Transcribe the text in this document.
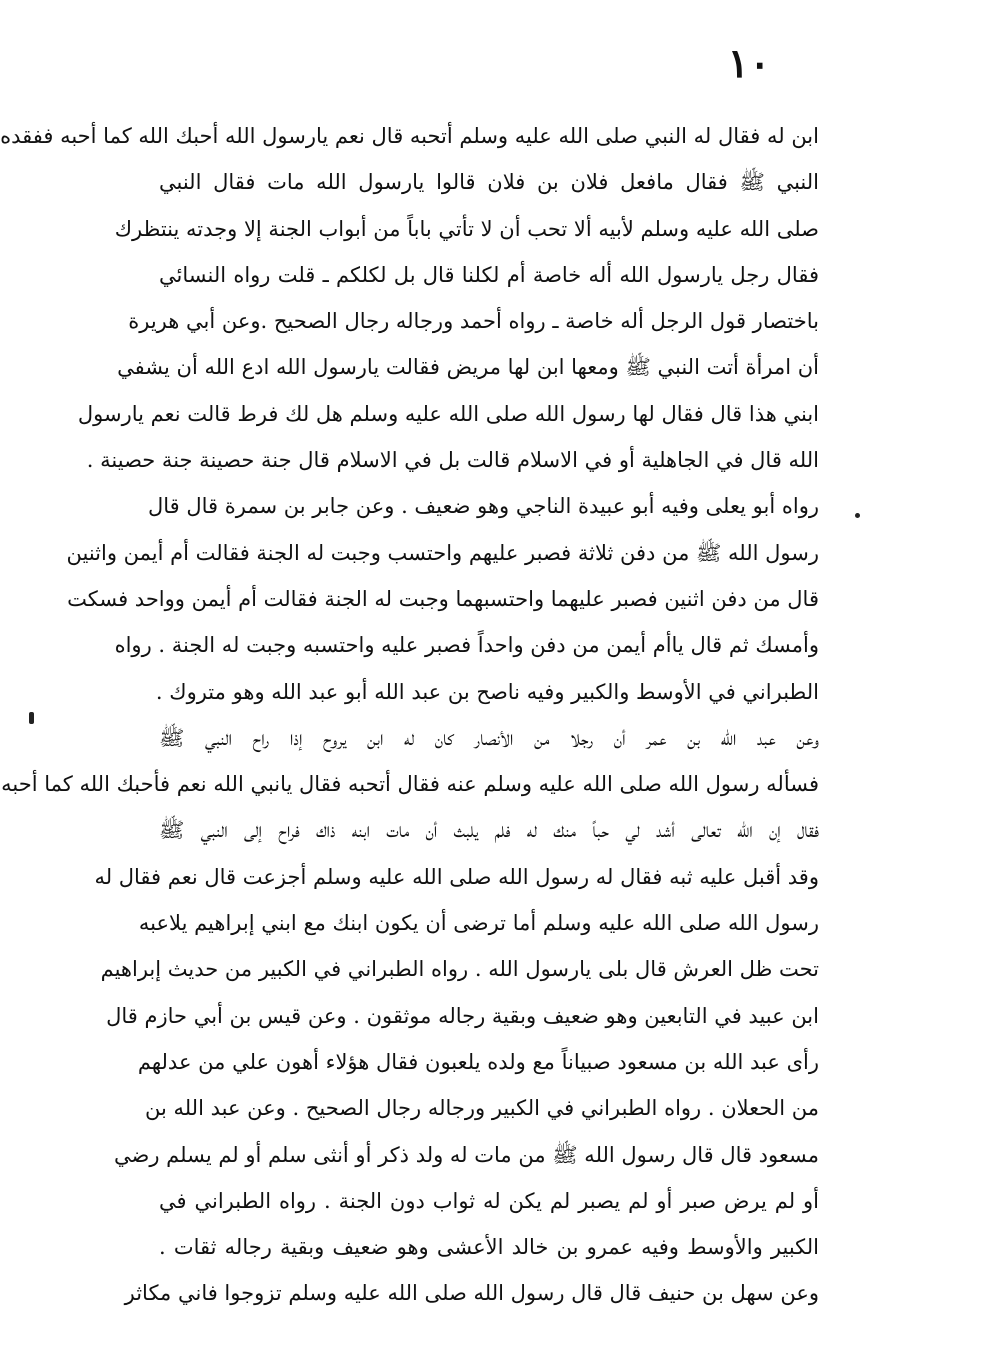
١٠
ابن له فقال له النبي صلى الله عليه وسلم أتحبه قال نعم يارسول الله أحبك الله كما أحبه ففقده
النبي ﷺ فقال مافعل فلان بن فلان قالوا يارسول الله مات فقال النبي
صلى الله عليه وسلم لأبيه ألا تحب أن لا تأتي باباً من أبواب الجنة إلا وجدته ينتظرك
فقال رجل يارسول الله أله خاصة أم لكلنا قال بل لكلكم ـ قلت رواه النسائي
باختصار قول الرجل أله خاصة ـ رواه أحمد ورجاله رجال الصحيح .وعن أبي هريرة
أن امرأة أتت النبي ﷺ ومعها ابن لها مريض فقالت يارسول الله ادع الله أن يشفي
ابني هذا قال فقال لها رسول الله صلى الله عليه وسلم هل لك فرط قالت نعم يارسول
الله قال في الجاهلية أو في الاسلام قالت بل في الاسلام قال جنة حصينة جنة حصينة .
رواه أبو يعلى وفيه أبو عبيدة الناجي وهو ضعيف . وعن جابر بن سمرة قال قال
رسول الله ﷺ من دفن ثلاثة فصبر عليهم واحتسب وجبت له الجنة فقالت أم أيمن واثنين
قال من دفن اثنين فصبر عليهما واحتسبهما وجبت له الجنة فقالت أم أيمن وواحد فسكت
وأمسك ثم قال ياأم أيمن من دفن واحداً فصبر عليه واحتسبه وجبت له الجنة . رواه
الطبراني في الأوسط والكبير وفيه ناصح بن عبد الله أبو عبد الله وهو متروك .
وعن عبد الله بن عمر أن رجلا من الأنصار كان له ابن يروح إذا راح النبي ﷺ
فسأله رسول الله صلى الله عليه وسلم عنه فقال أتحبه فقال يانبي الله نعم فأحبك الله كما أحبه
فقال إن الله تعالى أشد لي حباً منك له فلم يلبث أن مات ابنه ذاك فراح إلى النبي ﷺ
وقد أقبل عليه ثبه فقال له رسول الله صلى الله عليه وسلم أجزعت قال نعم فقال له
رسول الله صلى الله عليه وسلم أما ترضى أن يكون ابنك مع ابني إبراهيم يلاعبه
تحت ظل العرش قال بلى يارسول الله . رواه الطبراني في الكبير من حديث إبراهيم
ابن عبيد في التابعين وهو ضعيف وبقية رجاله موثقون . وعن قيس بن أبي حازم قال
رأى عبد الله بن مسعود صبياناً مع ولده يلعبون فقال هؤلاء أهون علي من عدلهم
من الحعلان . رواه الطبراني في الكبير ورجاله رجال الصحيح . وعن عبد الله بن
مسعود قال قال رسول الله ﷺ من مات له ولد ذكر أو أنثى سلم أو لم يسلم رضي
أو لم يرض صبر أو لم يصبر لم يكن له ثواب دون الجنة . رواه الطبراني في
الكبير والأوسط وفيه عمرو بن خالد الأعشى وهو ضعيف وبقية رجاله ثقات .
وعن سهل بن حنيف قال قال رسول الله صلى الله عليه وسلم تزوجوا فاني مكاثر
